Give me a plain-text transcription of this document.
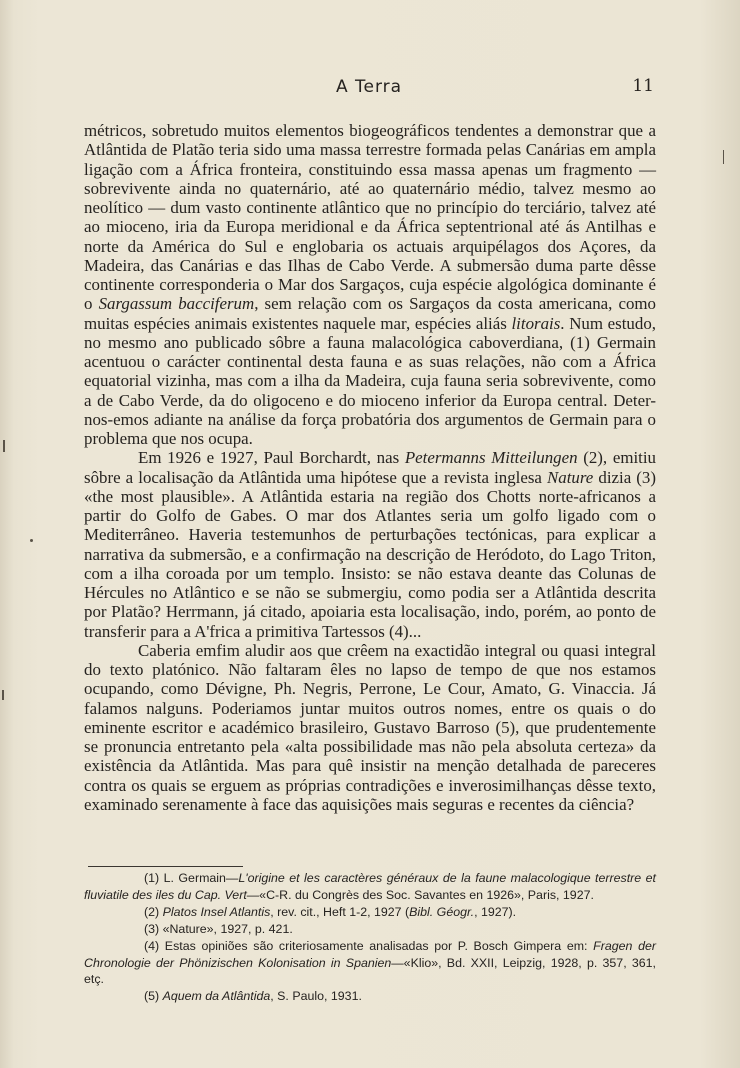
A Terra	11

métricos, sobretudo muitos elementos biogeográficos tendentes a demonstrar que a Atlântida de Platão teria sido uma massa terrestre formada pelas Canárias em ampla ligação com a África fronteira, constituindo essa massa apenas um fragmento — sobrevivente ainda no quaternário, até ao quaternário médio, talvez mesmo ao neolítico — dum vasto continente atlântico que no princípio do terciário, talvez até ao mioceno, iria da Europa meridional e da África septentrional até ás Antilhas e norte da América do Sul e englobaria os actuais arquipélagos dos Açores, da Madeira, das Canárias e das Ilhas de Cabo Verde. A submersão duma parte dêsse continente corresponderia o Mar dos Sargaços, cuja espécie algológica dominante é o Sargassum bacciferum, sem relação com os Sargaços da costa americana, como muitas espécies animais existentes naquele mar, espécies aliás litorais. Num estudo, no mesmo ano publicado sôbre a fauna malacológica caboverdiana, (1) Germain acentuou o carácter continental desta fauna e as suas relações, não com a África equatorial vizinha, mas com a ilha da Madeira, cuja fauna seria sobrevivente, como a de Cabo Verde, da do oligoceno e do mioceno inferior da Europa central. Deter-nos-emos adiante na análise da força probatória dos argumentos de Germain para o problema que nos ocupa.

Em 1926 e 1927, Paul Borchardt, nas Petermanns Mitteilungen (2), emitiu sôbre a localisação da Atlântida uma hipótese que a revista inglesa Nature dizia (3) «the most plausible». A Atlântida estaria na região dos Chotts norte-africanos a partir do Golfo de Gabes. O mar dos Atlantes seria um golfo ligado com o Mediterrâneo. Haveria testemunhos de perturbações tectónicas, para explicar a narrativa da submersão, e a confirmação na descrição de Heródoto, do Lago Triton, com a ilha coroada por um templo. Insisto: se não estava deante das Colunas de Hércules no Atlântico e se não se submergiu, como podia ser a Atlântida descrita por Platão? Herrmann, já citado, apoiaria esta localisação, indo, porém, ao ponto de transferir para a A'frica a primitiva Tartessos (4)...

Caberia emfim aludir aos que crêem na exactidão integral ou quasi integral do texto platónico. Não faltaram êles no lapso de tempo de que nos estamos ocupando, como Dévigne, Ph. Negris, Perrone, Le Cour, Amato, G. Vinaccia. Já falamos nalguns. Poderiamos juntar muitos outros nomes, entre os quais o do eminente escritor e académico brasileiro, Gustavo Barroso (5), que prudentemente se pronuncia entretanto pela «alta possibilidade mas não pela absoluta certeza» da existência da Atlântida. Mas para quê insistir na menção detalhada de pareceres contra os quais se erguem as próprias contradições e inverosimilhanças dêsse texto, examinado serenamente à face das aquisições mais seguras e recentes da ciência?

(1) L. Germain—L'origine et les caractères généraux de la faune malacologique terrestre et fluviatile des iles du Cap. Vert—«C-R. du Congrès des Soc. Savantes en 1926», Paris, 1927.

(2) Platos Insel Atlantis, rev. cit., Heft 1-2, 1927 (Bibl. Géogr., 1927).

(3) «Nature», 1927, p. 421.

(4) Estas opiniões são criteriosamente analisadas por P. Bosch Gimpera em: Fragen der Chronologie der Phönizischen Kolonisation in Spanien—«Klio», Bd. XXII, Leipzig, 1928, p. 357, 361, etç.

(5) Aquem da Atlântida, S. Paulo, 1931.
